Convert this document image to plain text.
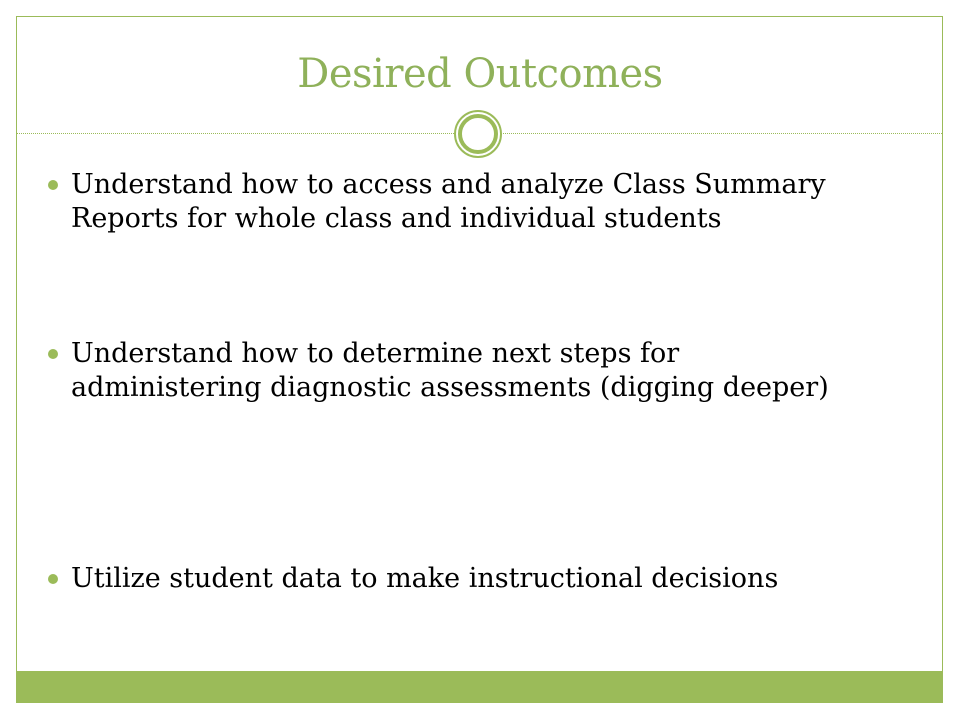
Desired Outcomes
Understand how to access and analyze Class Summary Reports for whole class and individual students
Understand how to determine next steps for administering diagnostic assessments (digging deeper)
Utilize student data to make instructional decisions
